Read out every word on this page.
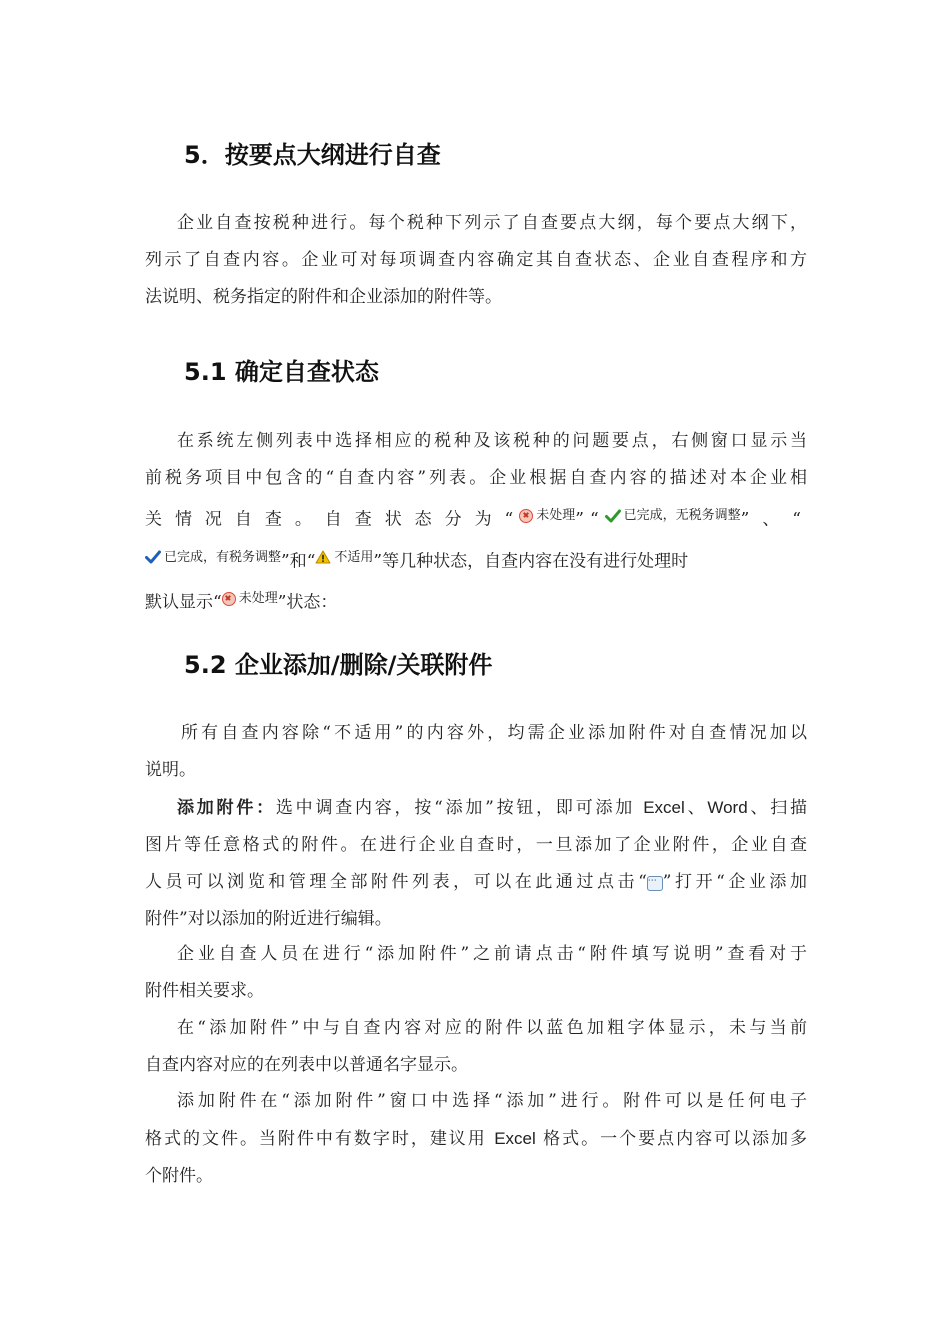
5．按要点大纲进行自查
企业自查按税种进行。每个税种下列示了自查要点大纲，每个要点大纲下，
列示了自查内容。企业可对每项调查内容确定其自查状态、企业自查程序和方
法说明、税务指定的附件和企业添加的附件等。
5.1 确定自查状态
在系统左侧列表中选择相应的税种及该税种的问题要点，右侧窗口显示当
前税务项目中包含的“自查内容”列表。企业根据自查内容的描述对本企业相
关情况自查。自查状态分为“ 未处理 ”“ 已完成，无税务调整 ”、“
已完成，有税务调整 ”和“ 不适用 ”等几种状态，自查内容在没有进行处理时
默认显示“ 未处理 ”状态：
5.2 企业添加/删除/关联附件
所有自查内容除“不适用”的内容外，均需企业添加附件对自查情况加以
说明。
添加附件：选中调查内容，按“添加”按钮，即可添加 Excel、Word、扫描
图片等任意格式的附件。在进行企业自查时，一旦添加了企业附件，企业自查
人员可以浏览和管理全部附件列表，可以在此通过点击“⋯ ”打开“企业添加
附件”对以添加的附近进行编辑。
企业自查人员在进行“添加附件”之前请点击“附件填写说明”查看对于
附件相关要求。
在“添加附件”中与自查内容对应的附件以蓝色加粗字体显示，未与当前
自查内容对应的在列表中以普通名字显示。
添加附件在“添加附件”窗口中选择“添加”进行。附件可以是任何电子
格式的文件。当附件中有数字时，建议用 Excel 格式。一个要点内容可以添加多
个附件。
